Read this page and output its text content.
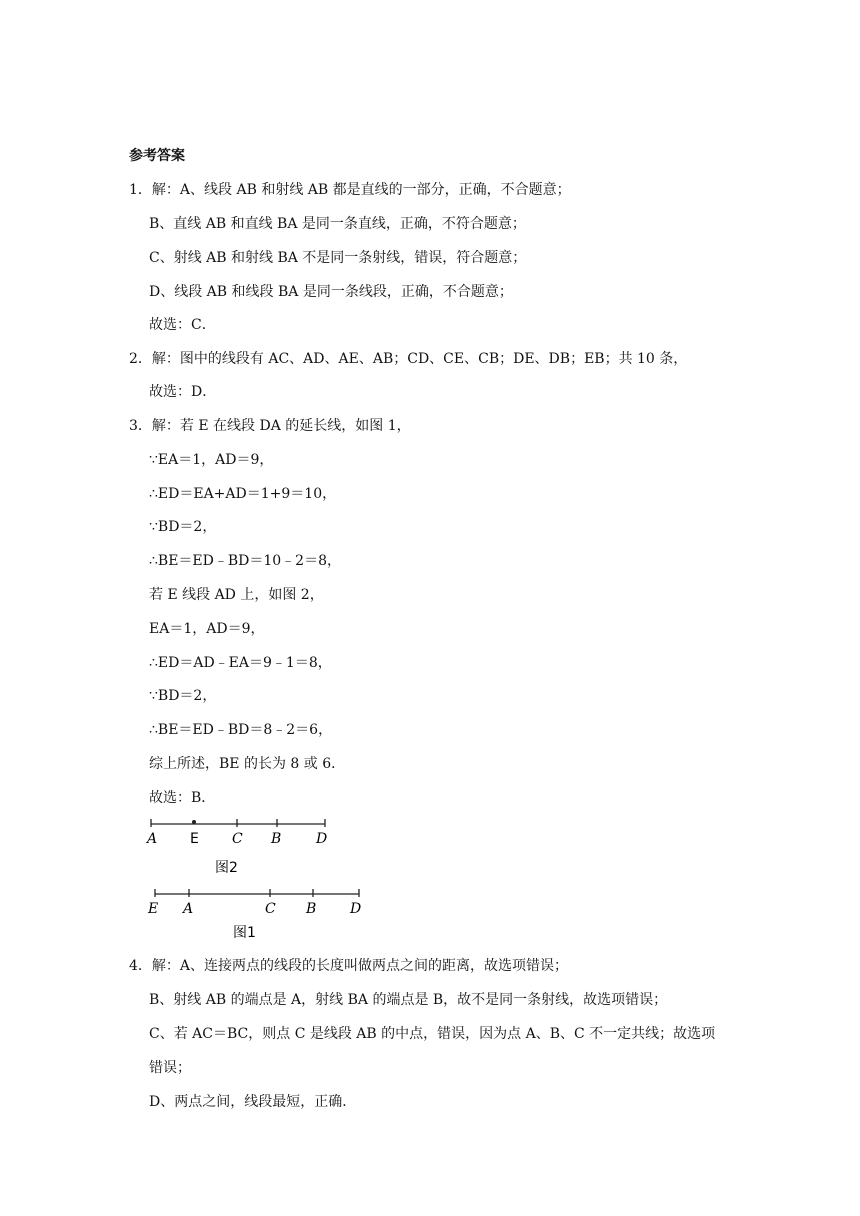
参考答案
1．解：A、线段 AB 和射线 AB 都是直线的一部分，正确，不合题意；
B、直线 AB 和直线 BA 是同一条直线，正确，不符合题意；
C、射线 AB 和射线 BA 不是同一条射线，错误，符合题意；
D、线段 AB 和线段 BA 是同一条线段，正确，不合题意；
故选：C．
2．解：图中的线段有 AC、AD、AE、AB；CD、CE、CB；DE、DB；EB；共 10 条，
故选：D．
3．解：若 E 在线段 DA 的延长线，如图 1，
∵EA＝1，AD＝9，
∴ED＝EA+AD＝1+9＝10，
∵BD＝2，
∴BE＝ED﹣BD＝10﹣2＝8，
若 E 线段 AD 上，如图 2，
EA＝1，AD＝9，
∴ED＝AD﹣EA＝9﹣1＝8，
∵BD＝2，
∴BE＝ED﹣BD＝8﹣2＝6，
综上所述，BE 的长为 8 或 6．
故选：B．
A E C B D
图2
E A	C B D
图1
4．解：A、连接两点的线段的长度叫做两点之间的距离，故选项错误；
B、射线 AB 的端点是 A，射线 BA 的端点是 B，故不是同一条射线，故选项错误；
C、若 AC＝BC，则点 C 是线段 AB 的中点，错误，因为点 A、B、C 不一定共线；故选项
错误；
D、两点之间，线段最短，正确．
